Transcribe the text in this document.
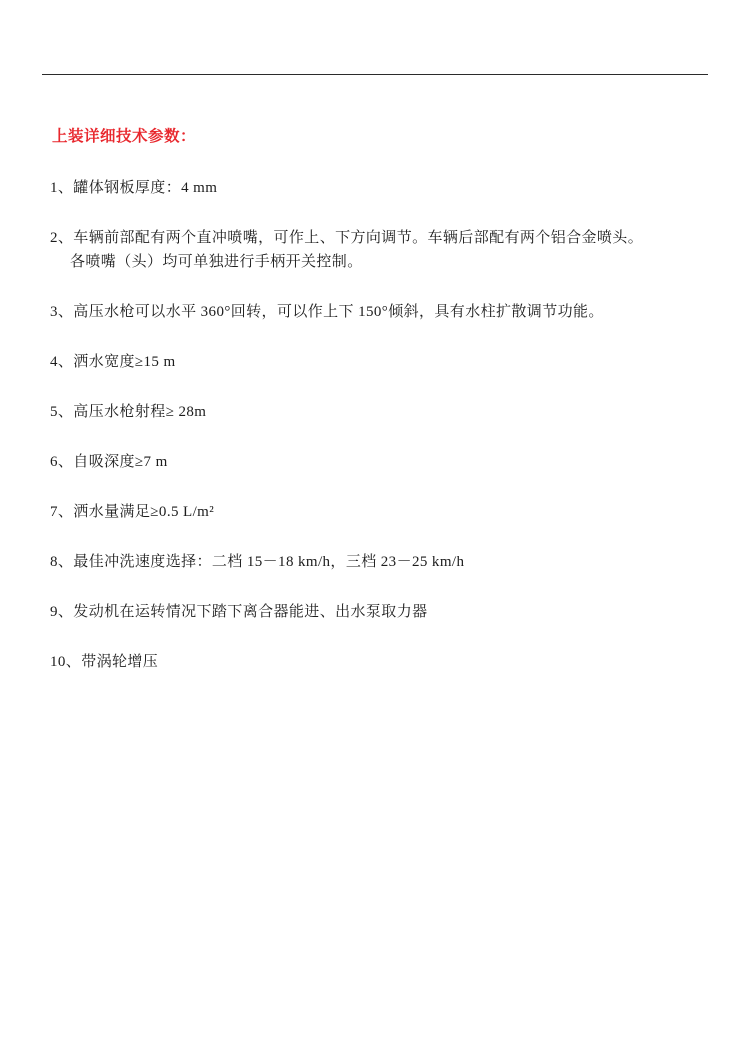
上装详细技术参数：

1、罐体钢板厚度：4 mm

2、车辆前部配有两个直冲喷嘴，可作上、下方向调节。车辆后部配有两个铝合金喷头。
各喷嘴（头）均可单独进行手柄开关控制。

3、高压水枪可以水平 360°回转，可以作上下 150°倾斜，具有水柱扩散调节功能。

4、洒水宽度≥15 m

5、高压水枪射程≥ 28m

6、自吸深度≥7 m

7、洒水量满足≥0.5 L/m²

8、最佳冲洗速度选择：二档 15－18 km/h，三档 23－25 km/h

9、发动机在运转情况下踏下离合器能进、出水泵取力器

10、带涡轮增压
